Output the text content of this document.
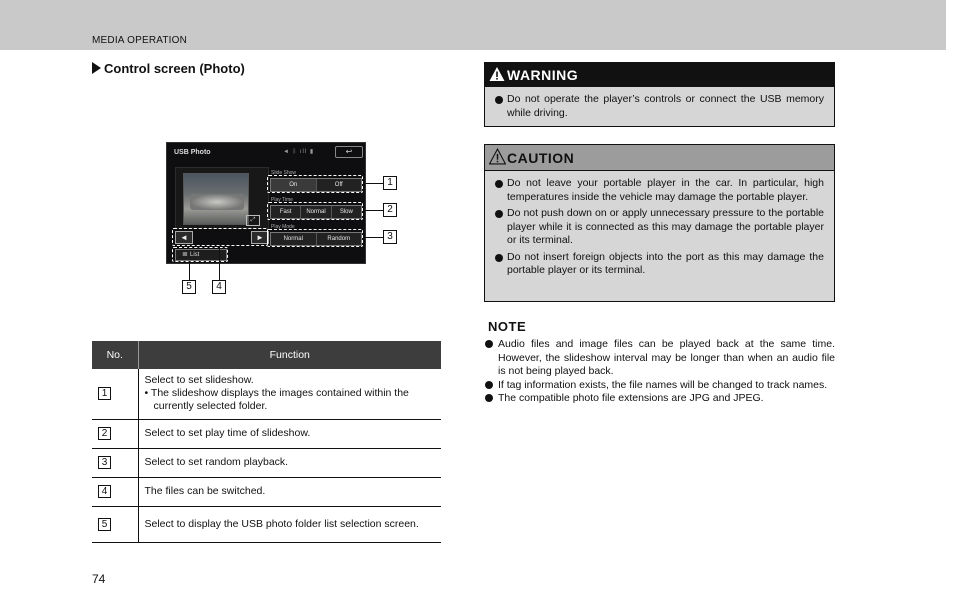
MEDIA OPERATION
Control screen (Photo)
USB Photo	◄ ᛒ ıll ▮	↩
⤢
Slide Show
On	Off
Play Time
Fast	Normal	Slow
Play Mode
Normal	Random
◄	►
≣ List
1
2
3
4
5
No.	Function
1	Select to set slideshow.
• The slideshow displays the images contained within the currently selected folder.

2	Select to set play time of slideshow.

3	Select to set random playback.

4	The files can be switched.

5	Select to display the USB photo folder list selection screen.
74
WARNING
Do not operate the player’s controls or connect the USB memory while driving.
CAUTION
Do not leave your portable player in the car. In particular, high temperatures inside the vehicle may damage the portable player.
Do not push down on or apply unnecessary pressure to the portable player while it is connected as this may damage the portable player or its terminal.
Do not insert foreign objects into the port as this may damage the portable player or its terminal.
NOTE
Audio files and image files can be played back at the same time. However, the slideshow interval may be longer than when an audio file is not being played back.
If tag information exists, the file names will be changed to track names.
The compatible photo file extensions are JPG and JPEG.
